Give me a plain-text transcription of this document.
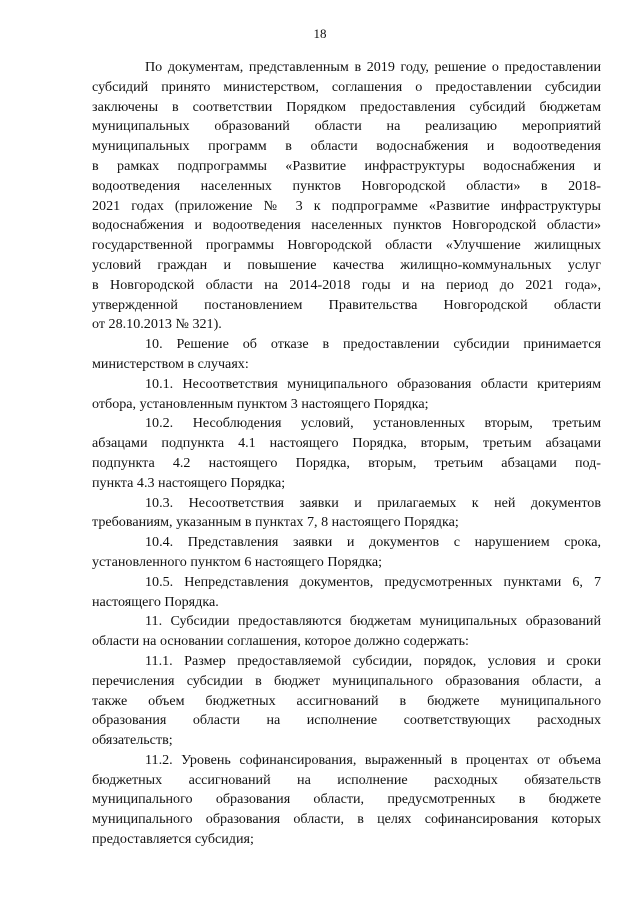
18
По документам, представленным в 2019 году, решение о предоставлении
субсидий принято министерством, соглашения о предоставлении субсидии
заключены в соответствии Порядком предоставления субсидий бюджетам
муниципальных образований области на реализацию мероприятий
муниципальных программ в области водоснабжения и водоотведения
в рамках подпрограммы «Развитие инфраструктуры водоснабжения и
водоотведения населенных пунктов Новгородской области» в 2018-
2021 годах (приложение № 3 к подпрограмме «Развитие инфраструктуры
водоснабжения и водоотведения населенных пунктов Новгородской области»
государственной программы Новгородской области «Улучшение жилищных
условий граждан и повышение качества жилищно-коммунальных услуг
в Новгородской области на 2014-2018 годы и на период до 2021 года»,
утвержденной постановлением Правительства Новгородской области
от 28.10.2013 № 321).
10. Решение об отказе в предоставлении субсидии принимается
министерством в случаях:
10.1. Несоответствия муниципального образования области критериям
отбора, установленным пунктом 3 настоящего Порядка;
10.2. Несоблюдения условий, установленных вторым, третьим
абзацами подпункта 4.1 настоящего Порядка, вторым, третьим абзацами
подпункта 4.2 настоящего Порядка, вторым, третьим абзацами под-
пункта 4.3 настоящего Порядка;
10.3. Несоответствия заявки и прилагаемых к ней документов
требованиям, указанным в пунктах 7, 8 настоящего Порядка;
10.4. Представления заявки и документов с нарушением срока,
установленного пунктом 6 настоящего Порядка;
10.5. Непредставления документов, предусмотренных пунктами 6, 7
настоящего Порядка.
11. Субсидии предоставляются бюджетам муниципальных образований
области на основании соглашения, которое должно содержать:
11.1. Размер предоставляемой субсидии, порядок, условия и сроки
перечисления субсидии в бюджет муниципального образования области, а
также объем бюджетных ассигнований в бюджете муниципального
образования области на исполнение соответствующих расходных
обязательств;
11.2. Уровень софинансирования, выраженный в процентах от объема
бюджетных ассигнований на исполнение расходных обязательств
муниципального образования области, предусмотренных в бюджете
муниципального образования области, в целях софинансирования которых
предоставляется субсидия;
